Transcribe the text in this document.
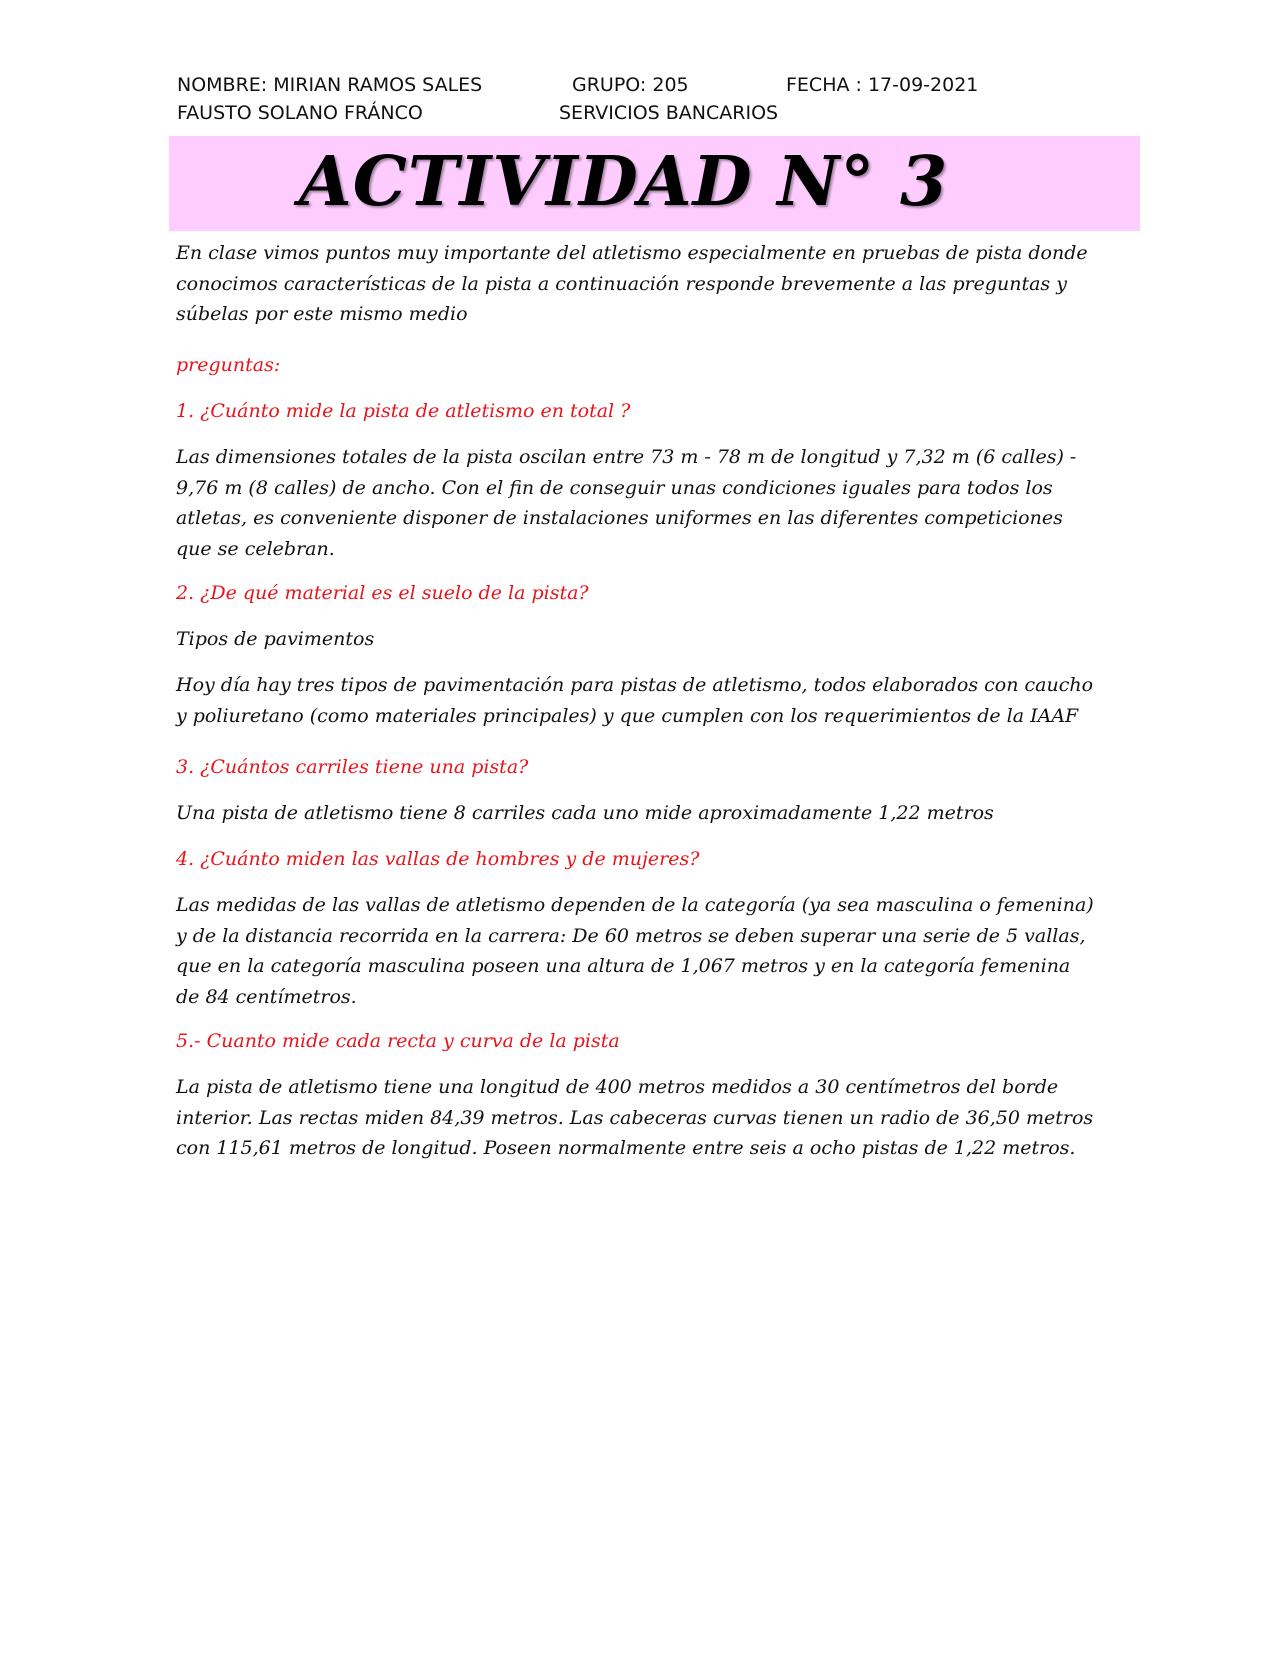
NOMBRE: MIRIAN RAMOS SALES	GRUPO: 205	FECHA : 17-09-2021
FAUSTO SOLANO FRÁNCO	SERVICIOS BANCARIOS
ACTIVIDAD N° 3
En clase vimos puntos muy importante del atletismo especialmente en pruebas de pista donde conocimos características de la pista a continuación responde brevemente a las preguntas y súbelas por este mismo medio
preguntas:
1. ¿Cuánto mide la pista de atletismo en total ?
Las dimensiones totales de la pista oscilan entre 73 m - 78 m de longitud y 7,32 m (6 calles) - 9,76 m (8 calles) de ancho. Con el fin de conseguir unas condiciones iguales para todos los atletas, es conveniente disponer de instalaciones uniformes en las diferentes competiciones que se celebran.
2. ¿De qué material es el suelo de la pista?
Tipos de pavimentos
Hoy día hay tres tipos de pavimentación para pistas de atletismo, todos elaborados con caucho y poliuretano (como materiales principales) y que cumplen con los requerimientos de la IAAF
3. ¿Cuántos carriles tiene una pista?
Una pista de atletismo tiene 8 carriles cada uno mide aproximadamente 1,22 metros
4. ¿Cuánto miden las vallas de hombres y de mujeres?
Las medidas de las vallas de atletismo dependen de la categoría (ya sea masculina o femenina) y de la distancia recorrida en la carrera: De 60 metros se deben superar una serie de 5 vallas, que en la categoría masculina poseen una altura de 1,067 metros y en la categoría femenina de 84 centímetros.
5.- Cuanto mide cada recta y curva de la pista
La pista de atletismo tiene una longitud de 400 metros medidos a 30 centímetros del borde interior. Las rectas miden 84,39 metros. Las cabeceras curvas tienen un radio de 36,50 metros con 115,61 metros de longitud. Poseen normalmente entre seis a ocho pistas de 1,22 metros.
